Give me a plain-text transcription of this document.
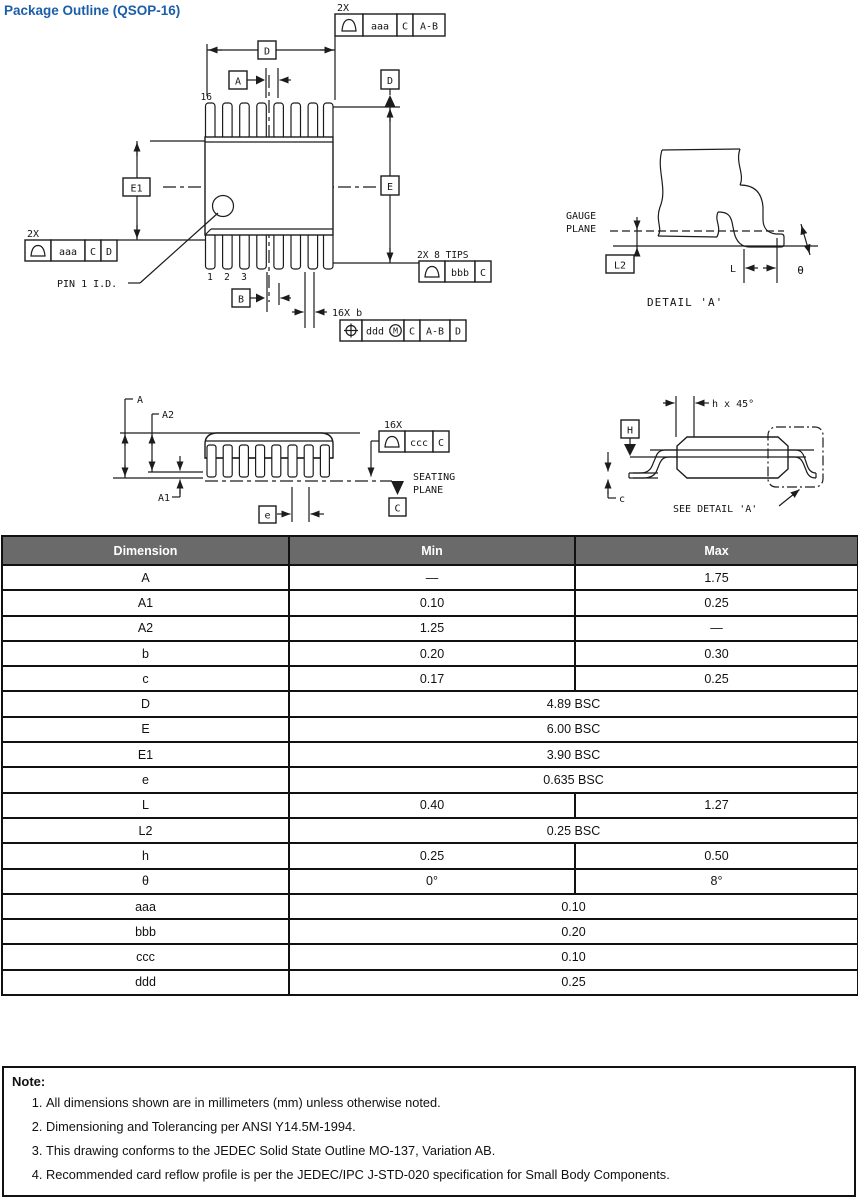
Package Outline (QSOP-16)
1 2 3
16
PIN 1 I.D.
D
A
B
E1
2X
aaa C D
2X
aaa C A-B
D
E
2X 8 TIPS
bbb C
16X b
ddd M C A-B D
GAUGE
PLANE
L2	L	θ
DETAIL 'A'
A
A2
A1
e
16X
ccc C
C
SEATING
PLANE
h x 45°
H
c
SEE DETAIL 'A'
Dimension	Min	Max
A	—	1.75
A1	0.10	0.25
A2	1.25	—
b	0.20	0.30
c	0.17	0.25
D	4.89 BSC	
E	6.00 BSC	
E1	3.90 BSC	
e	0.635 BSC	
L	0.40	1.27
L2	0.25 BSC	
h	0.25	0.50
θ	0°	8°
aaa	0.10	
bbb	0.20	
ccc	0.10	
ddd	0.25	
Note:
1. All dimensions shown are in millimeters (mm) unless otherwise noted.
2. Dimensioning and Tolerancing per ANSI Y14.5M-1994.
3. This drawing conforms to the JEDEC Solid State Outline MO-137, Variation AB.
4. Recommended card reflow profile is per the JEDEC/IPC J-STD-020 specification for Small Body Components.
